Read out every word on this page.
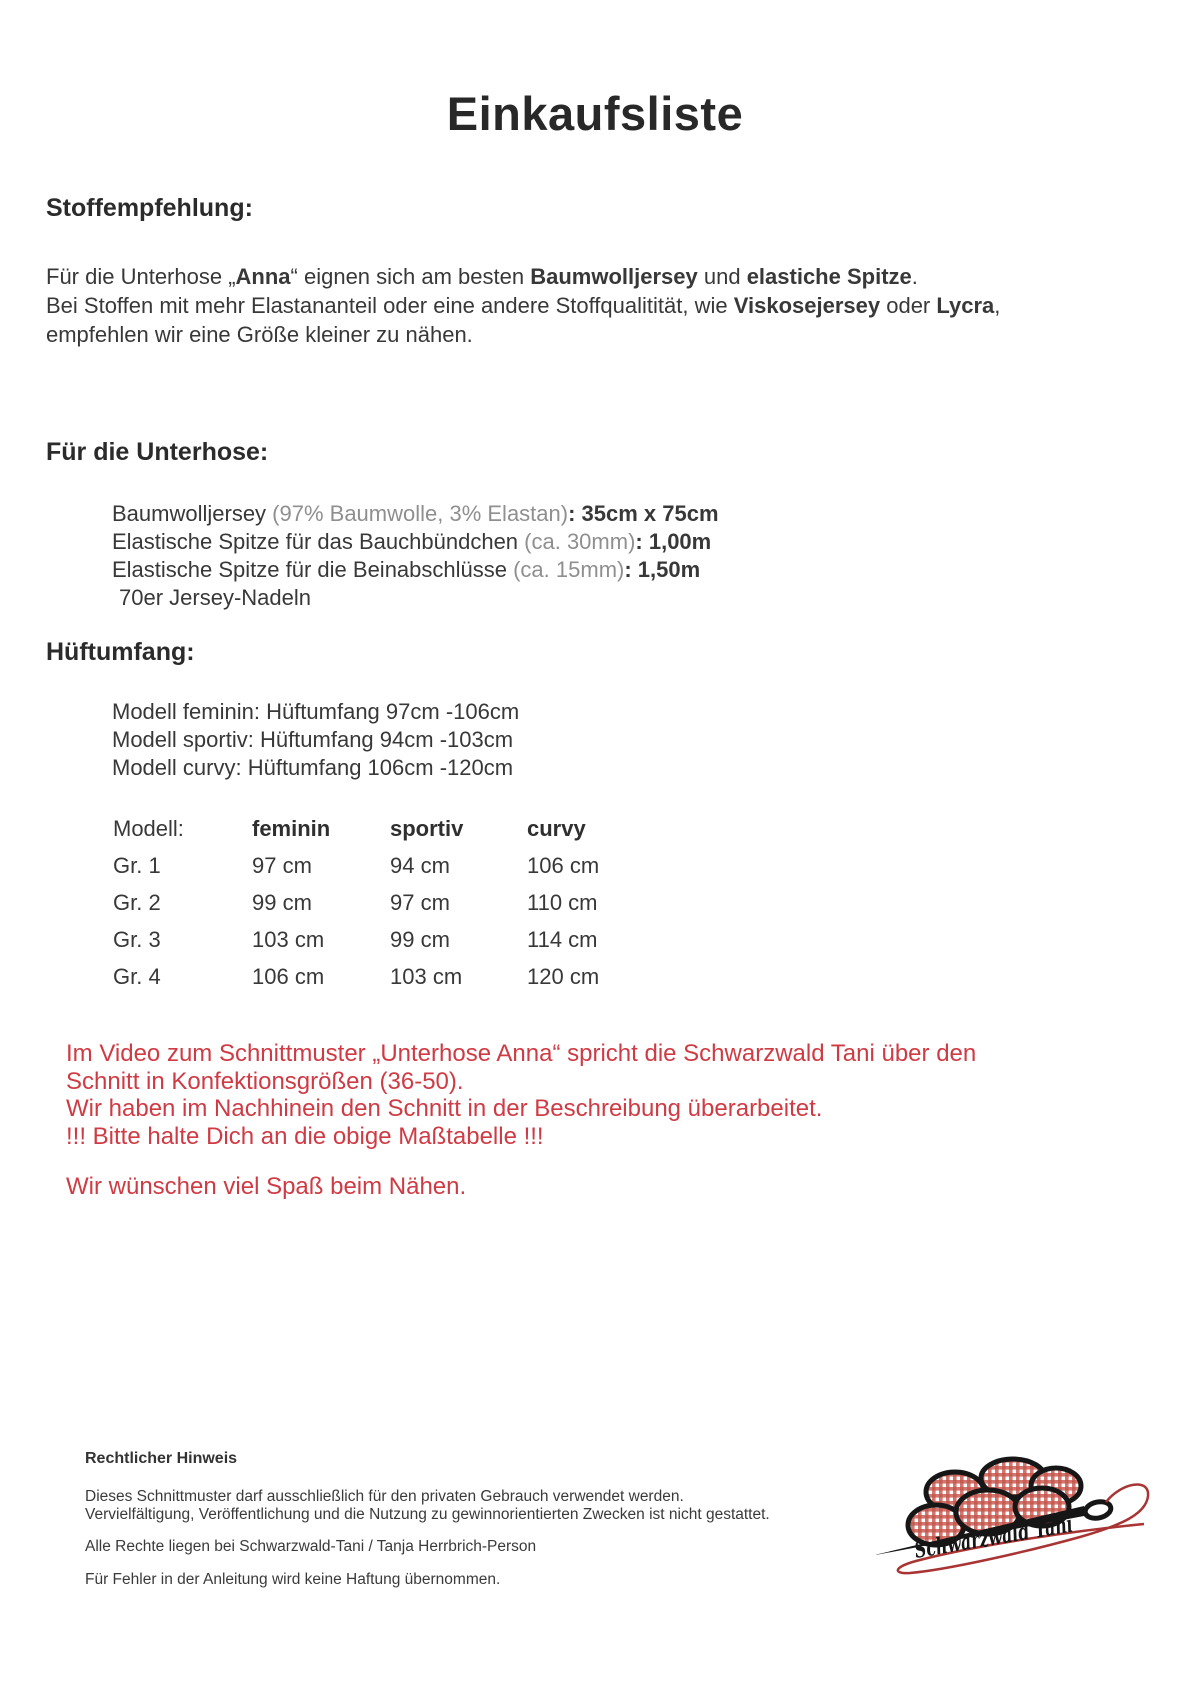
Einkaufsliste
Stoffempfehlung:
Für die Unterhose „Anna“ eignen sich am besten Baumwolljersey und elastiche Spitze.
Bei Stoffen mit mehr Elastananteil oder eine andere Stoffqualitität, wie Viskosejersey oder Lycra,
empfehlen wir eine Größe kleiner zu nähen.
Für die Unterhose:
Baumwolljersey (97% Baumwolle, 3% Elastan): 35cm x 75cm
Elastische Spitze für das Bauchbündchen (ca. 30mm): 1,00m
Elastische Spitze für die Beinabschlüsse (ca. 15mm): 1,50m
70er Jersey-Nadeln
Hüftumfang:
Modell feminin: Hüftumfang 97cm -106cm
Modell sportiv: Hüftumfang 94cm -103cm
Modell curvy: Hüftumfang 106cm -120cm
Modell:	feminin	sportiv	curvy
Gr. 1	97 cm	94 cm	106 cm
Gr. 2	99 cm	97 cm	110 cm
Gr. 3	103 cm	99 cm	114 cm
Gr. 4	106 cm	103 cm	120 cm
Im Video zum Schnittmuster „Unterhose Anna“ spricht die Schwarzwald Tani über den
Schnitt in Konfektionsgrößen (36-50).
Wir haben im Nachhinein den Schnitt in der Beschreibung überarbeitet.
!!! Bitte halte Dich an die obige Maßtabelle !!!
Wir wünschen viel Spaß beim Nähen.
Rechtlicher Hinweis
Dieses Schnittmuster darf ausschließlich für den privaten Gebrauch verwendet werden.
Vervielfältigung, Veröffentlichung und die Nutzung zu gewinnorientierten Zwecken ist nicht gestattet.
Alle Rechte liegen bei Schwarzwald-Tani / Tanja Herrbrich-Person
Für Fehler in der Anleitung wird keine Haftung übernommen.
Schwarzwald Tani
